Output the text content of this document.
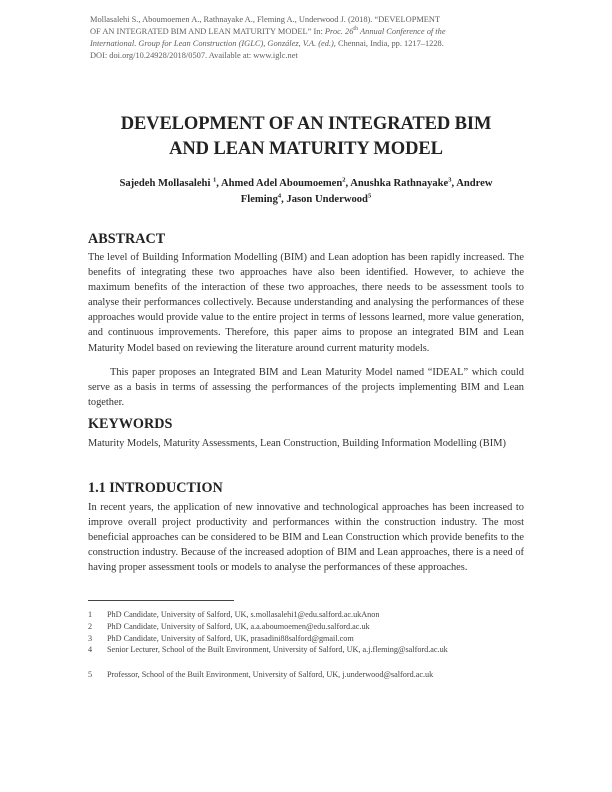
Mollasalehi S., Aboumoemen A., Rathnayake A., Fleming A., Underwood J. (2018). “DEVELOPMENT
OF AN INTEGRATED BIM AND LEAN MATURITY MODEL” In: Proc. 26th Annual Conference of the
International. Group for Lean Construction (IGLC), González, V.A. (ed.), Chennai, India, pp. 1217–1228.
DOI: doi.org/10.24928/2018/0507. Available at: www.iglc.net
DEVELOPMENT OF AN INTEGRATED BIM
AND LEAN MATURITY MODEL
Sajedeh Mollasalehi $^1$, Ahmed Adel Aboumoemen$^2$, Anushka Rathnayake$^3$, Andrew
Fleming$^4$, Jason Underwood$^5$
ABSTRACT
The level of Building Information Modelling (BIM) and Lean adoption has been rapidly increased. The benefits of integrating these two approaches have also been identified. However, to achieve the maximum benefits of the interaction of these two approaches, there needs to be assessment tools to analyse their performances collectively. Because understanding and analysing the performances of these approaches would provide value to the entire project in terms of lessons learned, more value generation, and continuous improvements. Therefore, this paper aims to propose an integrated BIM and Lean Maturity Model based on reviewing the literature around current maturity models.
This paper proposes an Integrated BIM and Lean Maturity Model named “IDEAL” which could serve as a basis in terms of assessing the performances of the projects implementing BIM and Lean together.
KEYWORDS
Maturity Models, Maturity Assessments, Lean Construction, Building Information Modelling (BIM)
1.1 INTRODUCTION
In recent years, the application of new innovative and technological approaches has been increased to improve overall project productivity and performances within the construction industry. The most beneficial approaches can be considered to be BIM and Lean Construction which provide benefits to the construction industry. Because of the increased adoption of BIM and Lean approaches, there is a need of having proper assessment tools or models to analyse the performances of these approaches.
1	PhD Candidate, University of Salford, UK, s.mollasalehi1@edu.salford.ac.ukAnon
2	PhD Candidate, University of Salford, UK, a.a.aboumoemen@edu.salford.ac.uk
3	PhD Candidate, University of Salford, UK, prasadini88salford@gmail.com
4	Senior Lecturer, School of the Built Environment, University of Salford, UK, a.j.fleming@salford.ac.uk
5	Professor, School of the Built Environment, University of Salford, UK, j.underwood@salford.ac.uk
